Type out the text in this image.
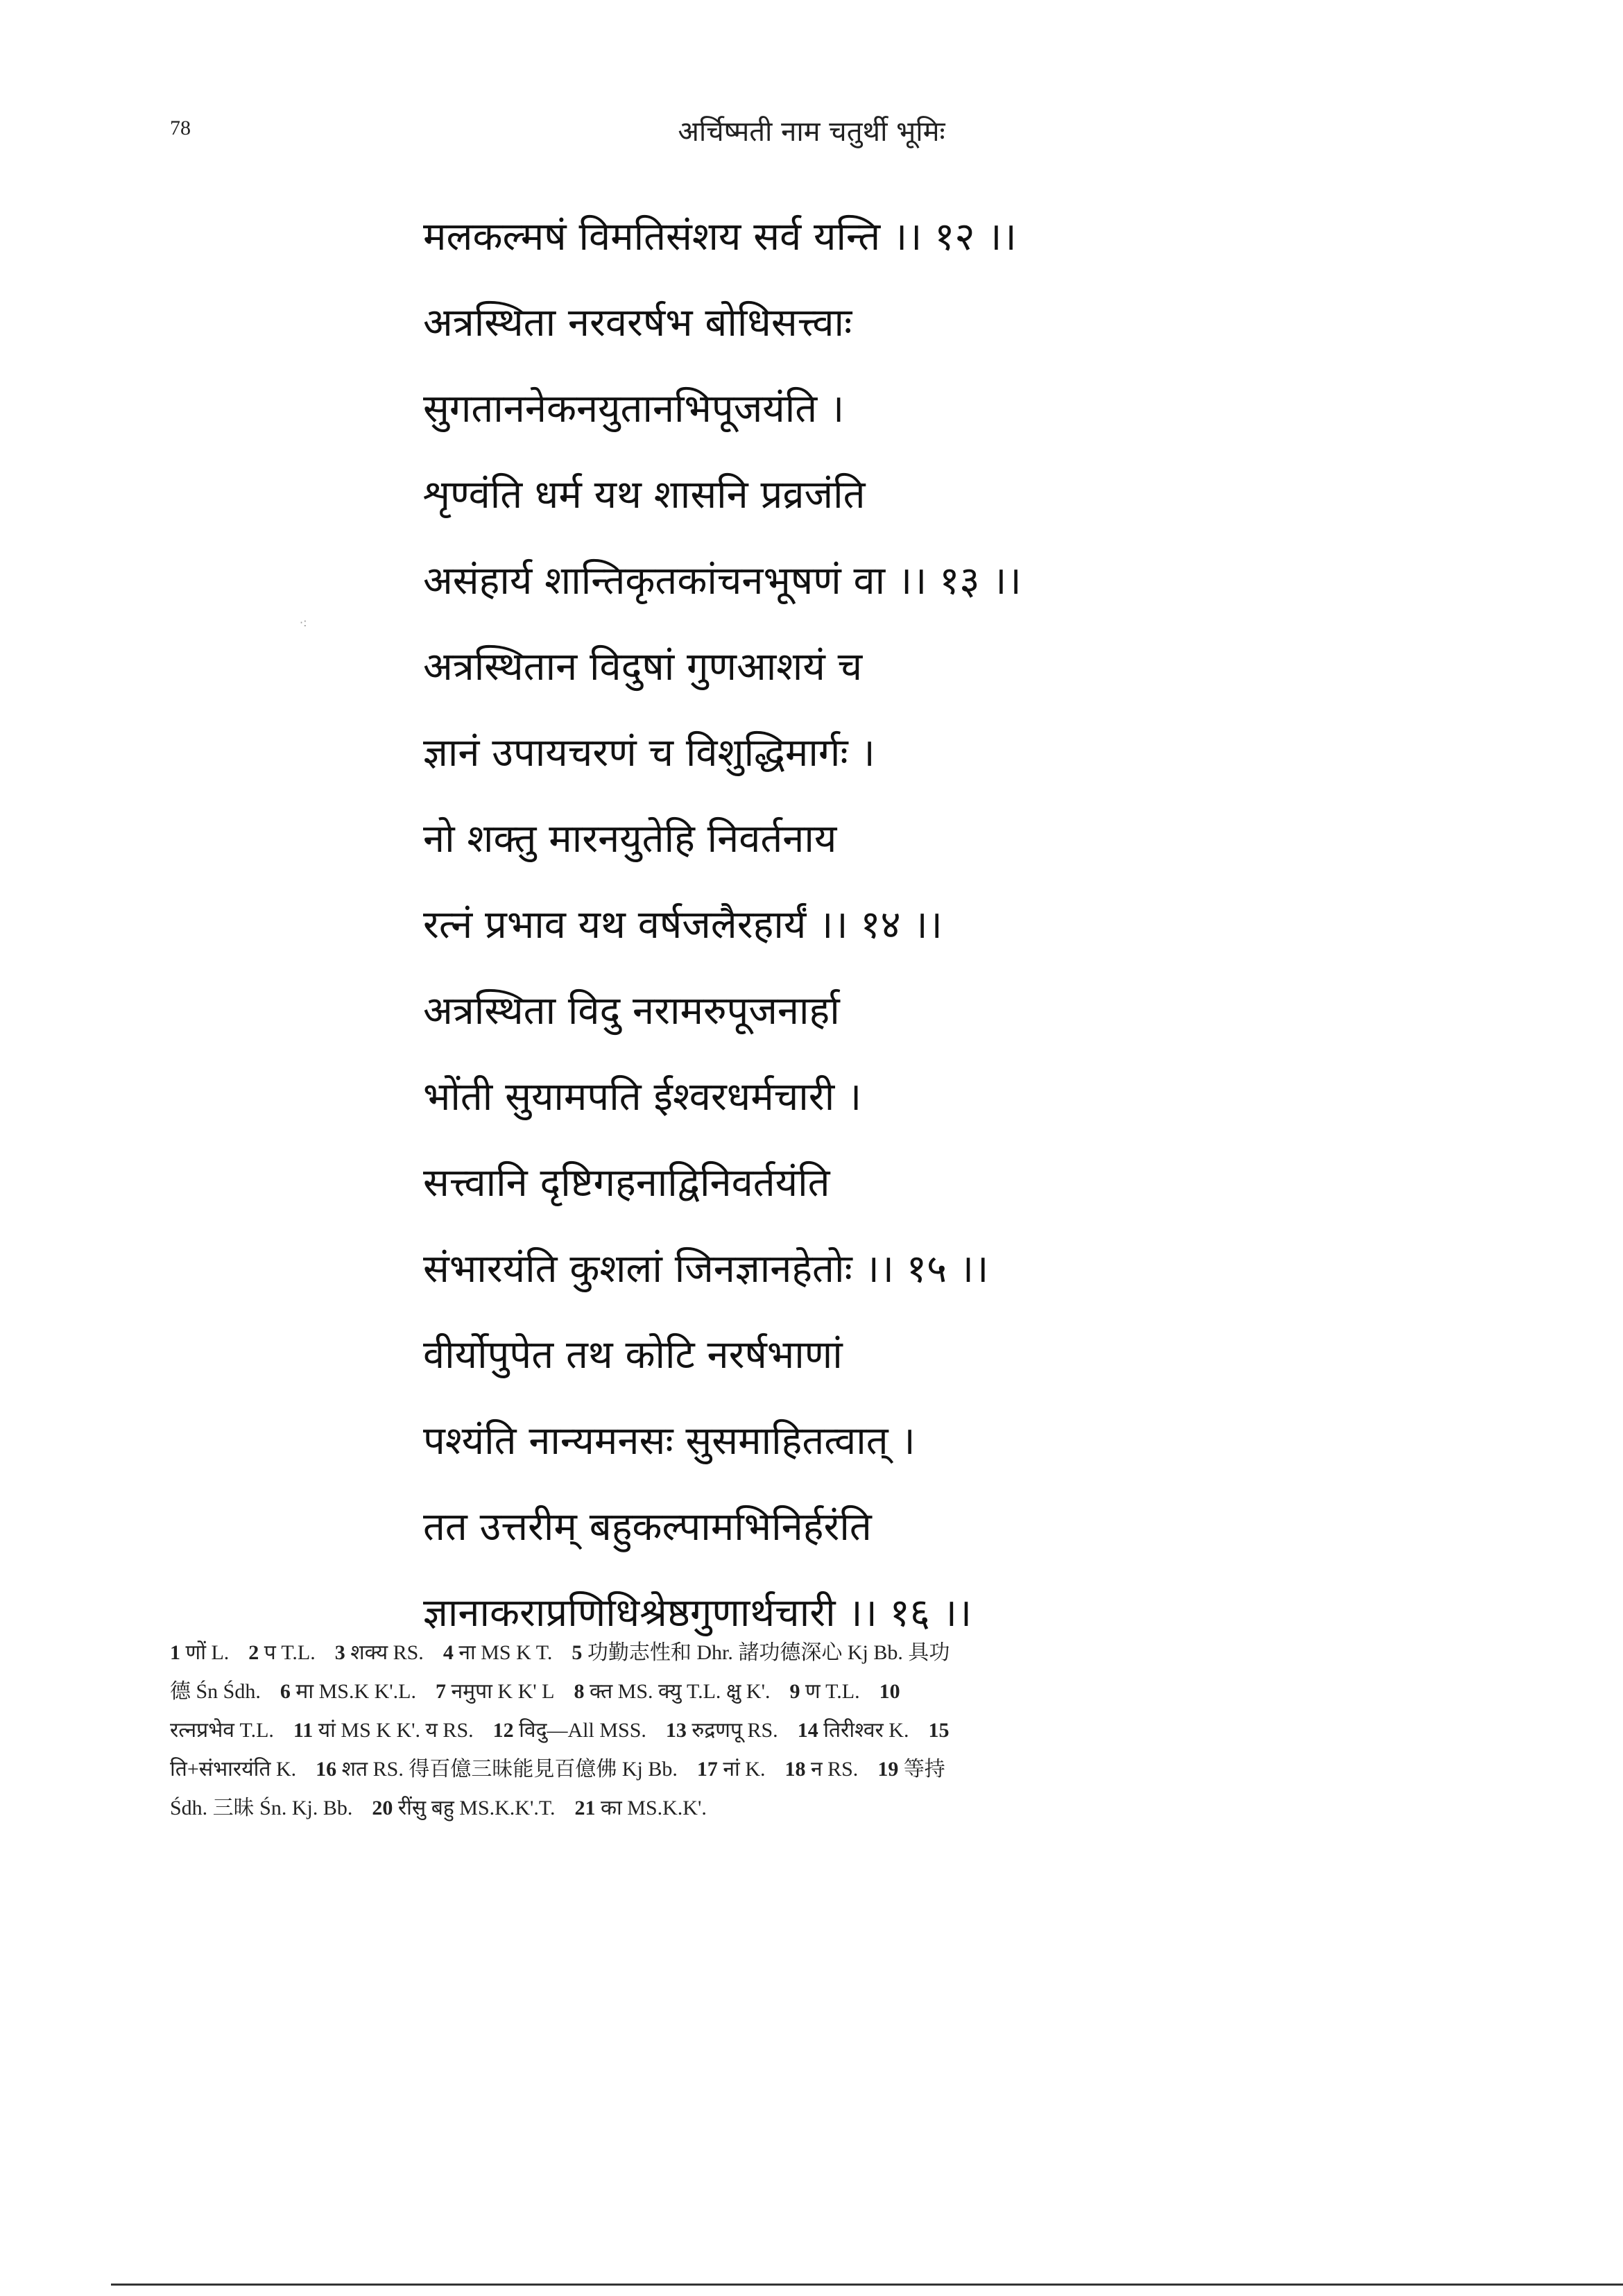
78	अर्चिष्मती नाम चतुर्थी भूमिः
मलकल्मषं विमतिसंशय सर्व यन्ति ।। १२ ।।
अत्रस्थिता नरवरर्षभ बोधिसत्त्वाः
सुगताननेकनयुतानभिपूजयंति ।
शृण्वंति धर्म यथ शासनि प्रव्रजंति
असंहार्य शान्तिकृतकांचनभूषणं वा ।। १३ ।।
अत्रस्थितान विदुषां गुणआशयं च
ज्ञानं उपायचरणं च विशुद्धिमार्गः ।
नो शक्तु मारनयुतेहि निवर्तनाय
रत्नं प्रभाव यथ वर्षजलैरहार्यं ।। १४ ।।
अत्रस्थिता विदु नरामरुपूजनार्हा
भोंती सुयामपति ईश्वरधर्मचारी ।
सत्त्वानि दृष्टिगहनाद्विनिवर्तयंति
संभारयंति कुशलां जिनज्ञानहेतोः ।। १५ ।।
वीर्योपुपेत तथ कोटि नरर्षभाणां
पश्यंति नान्यमनसः सुसमाहितत्वात् ।
तत उत्तरीम् बहुकल्पामभिनिर्हरंति
ज्ञानाकराप्रणिधिश्रेष्ठगुणार्थचारी ।। १६ ।।

1 णों L. 2 प T.L. 3 शक्य RS. 4 ना MS K T. 5 功勤志性和 Dhr. 諸功德深心 Kj Bb. 具功

德 Śn Śdh. 6 मा MS.K K'.L. 7 नमुपा K K' L 8 क्त MS. क्यु T.L. क्षु K'. 9 ण T.L. 10

रत्नप्रभेव T.L. 11 यां MS K K'. य RS. 12 विदु—All MSS. 13 रुद्रणपू RS. 14 तिरीश्वर K. 15

ति+संभारयंति K. 16 शत RS. 得百億三昧能見百億佛 Kj Bb. 17 नां K. 18 न RS. 19 等持

Śdh. 三昧 Śn. Kj. Bb. 20 रींसु बहु MS.K.K'.T. 21 का MS.K.K'.

·:
